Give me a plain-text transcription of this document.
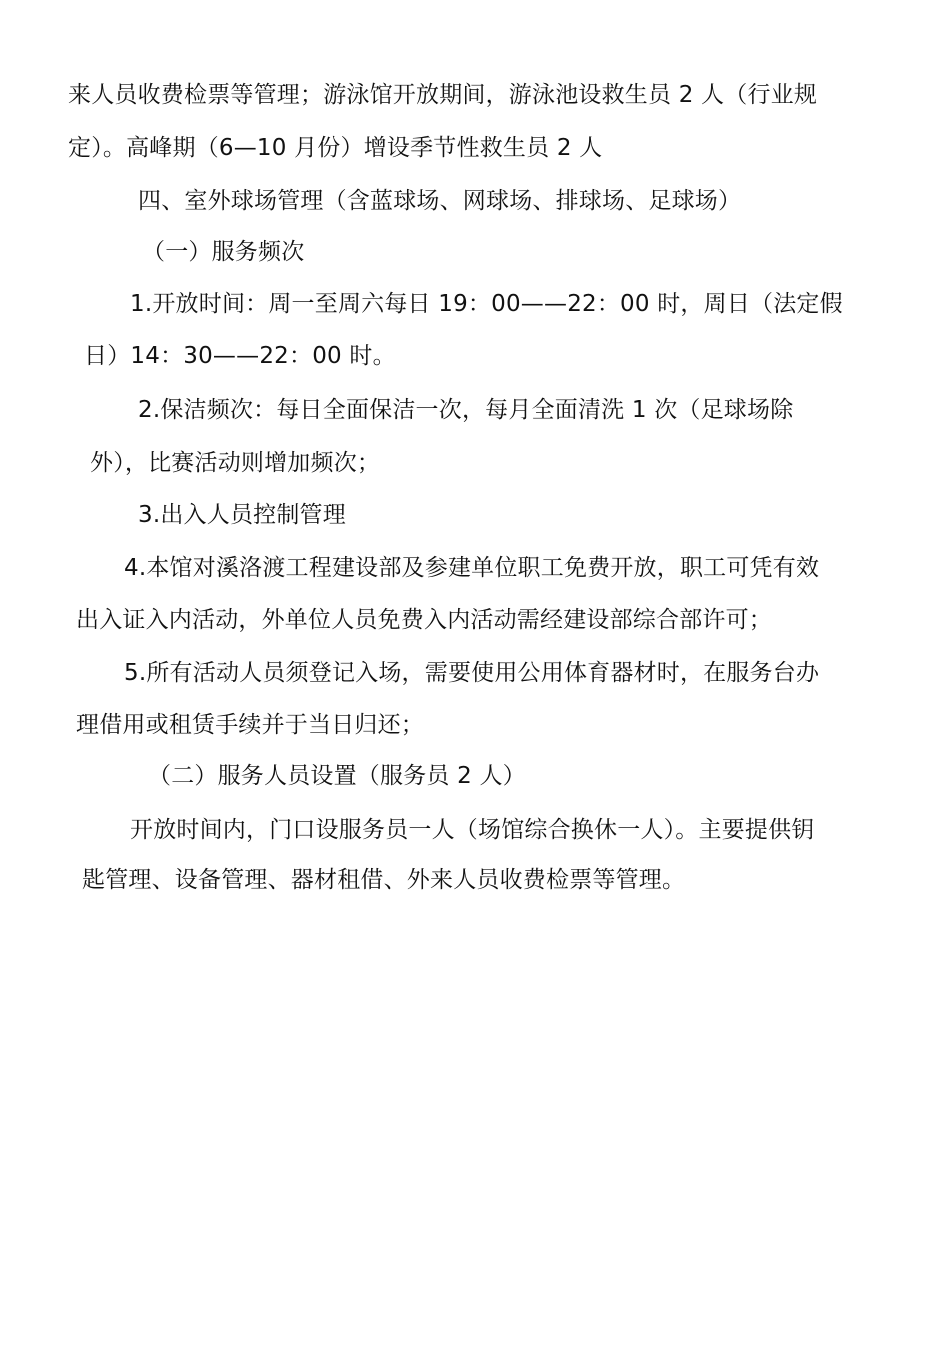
来人员收费检票等管理；游泳馆开放期间，游泳池设救生员 2 人（行业规
定）。高峰期（6—10 月份）增设季节性救生员 2 人
四、室外球场管理（含蓝球场、网球场、排球场、足球场）
（一）服务频次
1.开放时间：周一至周六每日 19：00——22：00 时，周日（法定假
日）14：30——22：00 时。
2.保洁频次：每日全面保洁一次，每月全面清洗 1 次（足球场除
外），比赛活动则增加频次；
3.出入人员控制管理
4.本馆对溪洛渡工程建设部及参建单位职工免费开放，职工可凭有效
出入证入内活动，外单位人员免费入内活动需经建设部综合部许可；
5.所有活动人员须登记入场，需要使用公用体育器材时，在服务台办
理借用或租赁手续并于当日归还；
（二）服务人员设置（服务员 2 人）
开放时间内，门口设服务员一人（场馆综合换休一人）。主要提供钥
匙管理、设备管理、器材租借、外来人员收费检票等管理。
